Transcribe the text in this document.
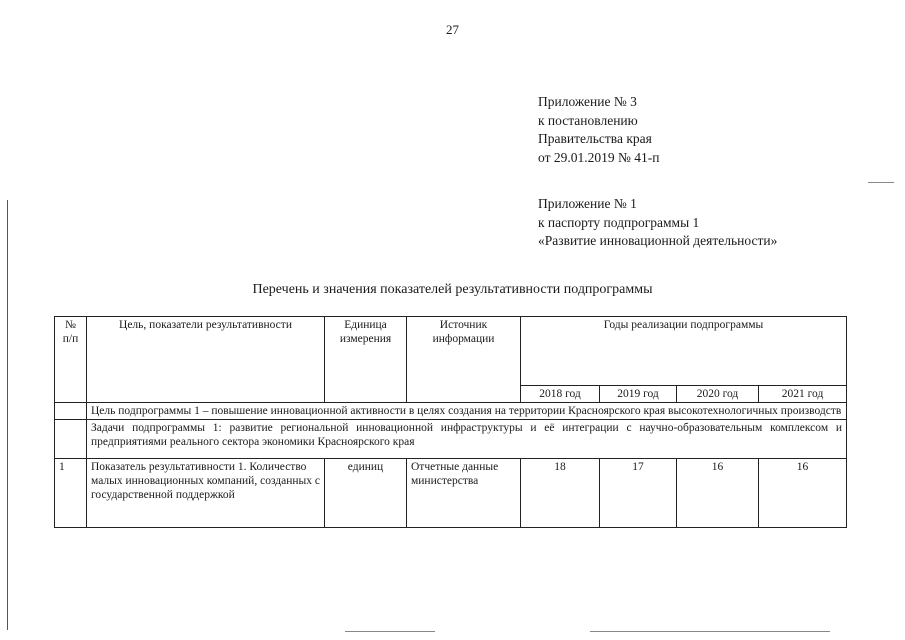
27
Приложение № 3
к постановлению
Правительства края
от 29.01.2019 № 41-п
Приложение № 1
к паспорту подпрограммы 1
«Развитие инновационной деятельности»
Перечень и значения показателей результативности подпрограммы
№ п/п	Цель, показатели результативности	Единица измерения	Источник информации	Годы реализации подпрограммы			
				2018 год	2019 год	2020 год	2021 год
	Цель подпрограммы 1 – повышение инновационной активности в целях создания на территории Красноярского края высокотехнологичных производств						
	Задачи подпрограммы 1: развитие региональной инновационной инфраструктуры и её интеграции с научно-образовательным комплексом и предприятиями реального сектора экономики Красноярского края						
1	Показатель результативности 1. Количество малых инновационных компаний, созданных с государственной поддержкой	единиц	Отчетные данные министерства	18	17	16	16
